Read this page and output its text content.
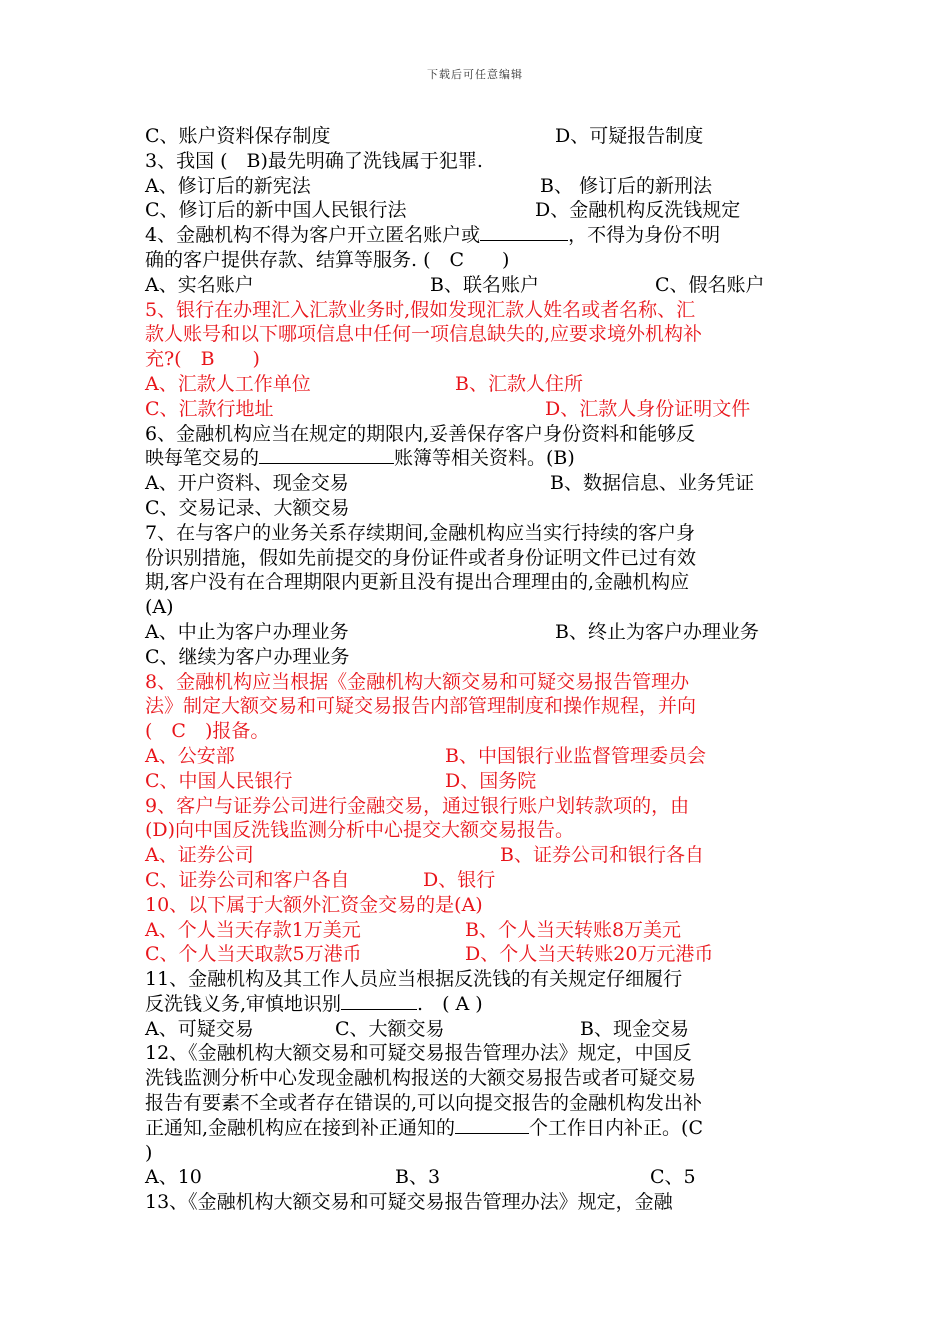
下载后可任意编辑
C、账户资料保存制度	D、可疑报告制度
3、我国 (　B)最先明确了洗钱属于犯罪.
A、修订后的新宪法	B、 修订后的新刑法
C、修订后的新中国人民银行法	D、金融机构反洗钱规定
4、金融机构不得为客户开立匿名账户或	，不得为身份不明
确的客户提供存款、结算等服务. (　C　　)
A、实名账户	B、联名账户	C、假名账户
5、银行在办理汇入汇款业务时,假如发现汇款人姓名或者名称、汇
款人账号和以下哪项信息中任何一项信息缺失的,应要求境外机构补
充?(　B　　)
A、汇款人工作单位	B、汇款人住所
C、汇款行地址	D、汇款人身份证明文件
6、金融机构应当在规定的期限内,妥善保存客户身份资料和能够反
映每笔交易的	账簿等相关资料。(B)
A、开户资料、现金交易	B、数据信息、业务凭证
C、交易记录、大额交易
7、在与客户的业务关系存续期间,金融机构应当实行持续的客户身
份识别措施，假如先前提交的身份证件或者身份证明文件已过有效
期,客户没有在合理期限内更新且没有提出合理理由的,金融机构应
(A)
A、中止为客户办理业务	B、终止为客户办理业务
C、继续为客户办理业务
8、金融机构应当根据《金融机构大额交易和可疑交易报告管理办
法》制定大额交易和可疑交易报告内部管理制度和操作规程，并向
(　C　)报备。
A、公安部	B、中国银行业监督管理委员会
C、中国人民银行	D、国务院
9、客户与证券公司进行金融交易，通过银行账户划转款项的，由
(D)向中国反洗钱监测分析中心提交大额交易报告。
A、证券公司	B、证券公司和银行各自
C、证券公司和客户各自	D、银行
10、以下属于大额外汇资金交易的是(A)
A、个人当天存款1万美元	B、个人当天转账8万美元
C、个人当天取款5万港币	D、个人当天转账20万元港币
11、金融机构及其工作人员应当根据反洗钱的有关规定仔细履行
反洗钱义务,审慎地识别	.　( A )
A、可疑交易	C、大额交易	B、现金交易
12、《金融机构大额交易和可疑交易报告管理办法》规定，中国反
洗钱监测分析中心发现金融机构报送的大额交易报告或者可疑交易
报告有要素不全或者存在错误的,可以向提交报告的金融机构发出补
正通知,金融机构应在接到补正通知的	个工作日内补正。(C
)
A、10	B、3	C、5
13、《金融机构大额交易和可疑交易报告管理办法》规定，金融
